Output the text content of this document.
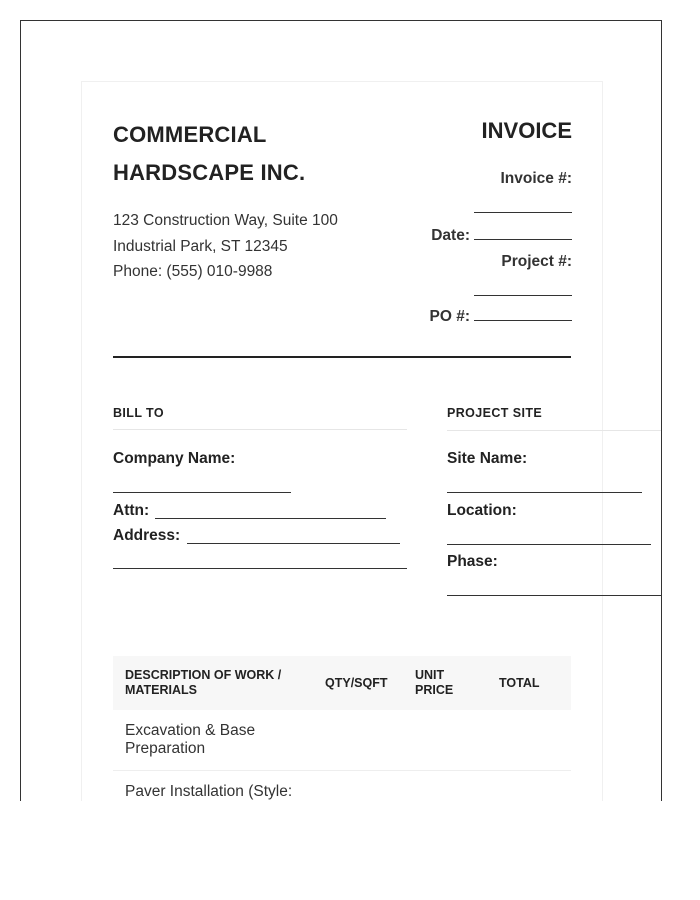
COMMERCIAL HARDSCAPE INC.
123 Construction Way, Suite 100
Industrial Park, ST 12345
Phone: (555) 010-9988
INVOICE
Invoice #:
Date:
Project #:
PO #:
BILL TO
Company Name:
Attn:
Address:
PROJECT SITE
Site Name:
Location:
Phase:
DESCRIPTION OF WORK / MATERIALS	QTY/SQFT	UNIT PRICE	TOTAL
Excavation & Base Preparation			
Paver Installation (Style:			
